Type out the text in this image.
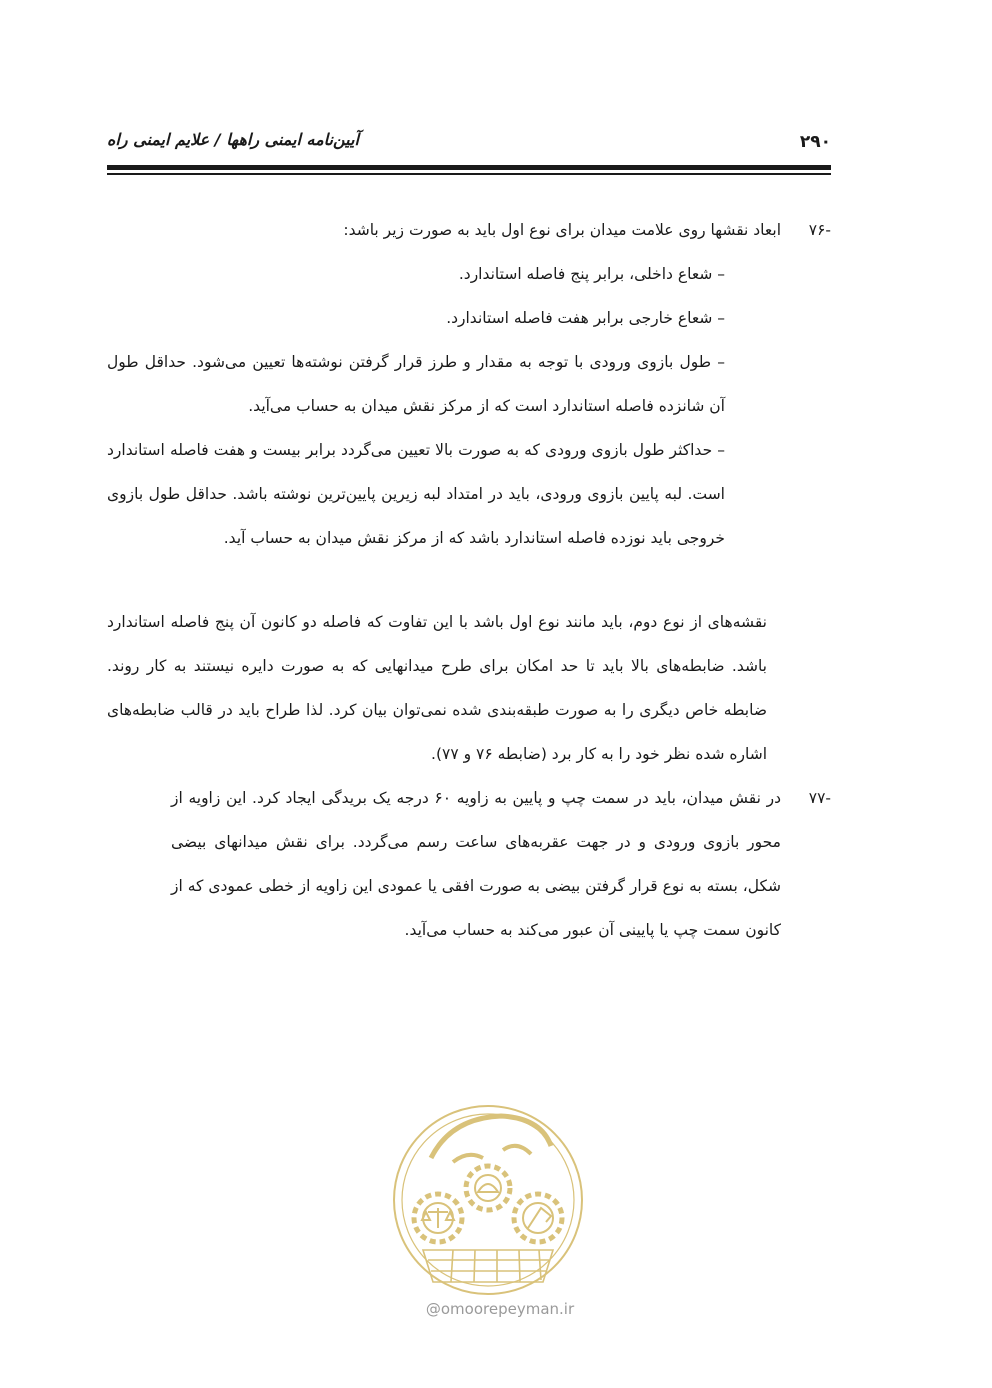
۲۹۰
آیین‌نامه ایمنی راهها / علایم ایمنی راه
-۷۶
ابعاد نقشها روی علامت میدان برای نوع اول باید به صورت زیر باشد:

– شعاع داخلی، برابر پنج فاصله استاندارد.

– شعاع خارجی برابر هفت فاصله استاندارد.

– طول بازوی ورودی با توجه به مقدار و طرز قرار گرفتن نوشته‌ها تعیین می‌شود. حداقل طول آن شانزده فاصله استاندارد است که از مرکز نقش میدان به حساب می‌آید.

– حداکثر طول بازوی ورودی که به صورت بالا تعیین می‌گردد برابر بیست و هفت فاصله استاندارد است. لبه پایین بازوی ورودی، باید در امتداد لبه زیرین پایین‌ترین نوشته باشد. حداقل طول بازوی خروجی باید نوزده فاصله استاندارد باشد که از مرکز نقش میدان به حساب آید.

نقشه‌های از نوع دوم، باید مانند نوع اول باشد با این تفاوت که فاصله دو کانون آن پنج فاصله استاندارد باشد. ضابطه‌های بالا باید تا حد امکان برای طرح میدانهایی که به صورت دایره نیستند به کار روند. ضابطه خاص دیگری را به صورت طبقه‌بندی شده نمی‌توان بیان کرد. لذا طراح باید در قالب ضابطه‌های اشاره شده نظر خود را به کار برد (ضابطه ۷۶ و ۷۷).

-۷۷

در نقش میدان، باید در سمت چپ و پایین به زاویه ۶۰ درجه یک بریدگی ایجاد کرد. این زاویه از محور بازوی ورودی و در جهت عقربه‌های ساعت رسم می‌گردد. برای نقش میدانهای بیضی شکل، بسته به نوع قرار گرفتن بیضی به صورت افقی یا عمودی این زاویه از خطی عمودی که از کانون سمت چپ یا پایینی آن عبور می‌کند به حساب می‌آید.

@omoorepeyman.ir
